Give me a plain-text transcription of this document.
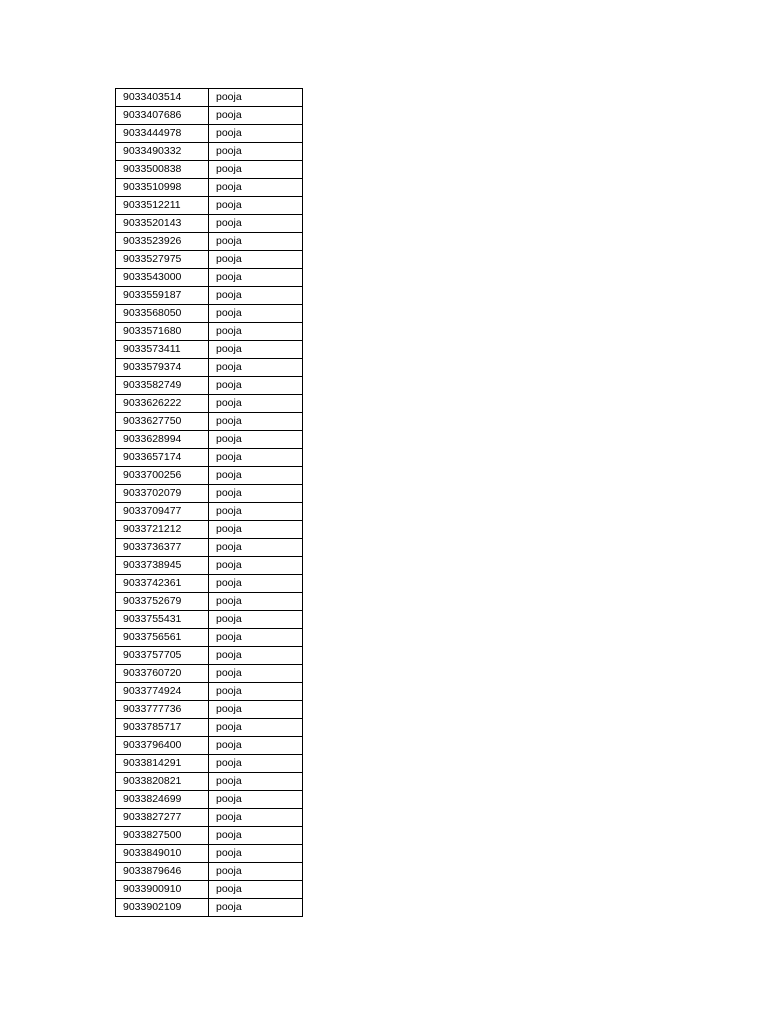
9033403514	pooja
9033407686	pooja
9033444978	pooja
9033490332	pooja
9033500838	pooja
9033510998	pooja
9033512211	pooja
9033520143	pooja
9033523926	pooja
9033527975	pooja
9033543000	pooja
9033559187	pooja
9033568050	pooja
9033571680	pooja
9033573411	pooja
9033579374	pooja
9033582749	pooja
9033626222	pooja
9033627750	pooja
9033628994	pooja
9033657174	pooja
9033700256	pooja
9033702079	pooja
9033709477	pooja
9033721212	pooja
9033736377	pooja
9033738945	pooja
9033742361	pooja
9033752679	pooja
9033755431	pooja
9033756561	pooja
9033757705	pooja
9033760720	pooja
9033774924	pooja
9033777736	pooja
9033785717	pooja
9033796400	pooja
9033814291	pooja
9033820821	pooja
9033824699	pooja
9033827277	pooja
9033827500	pooja
9033849010	pooja
9033879646	pooja
9033900910	pooja
9033902109	pooja
